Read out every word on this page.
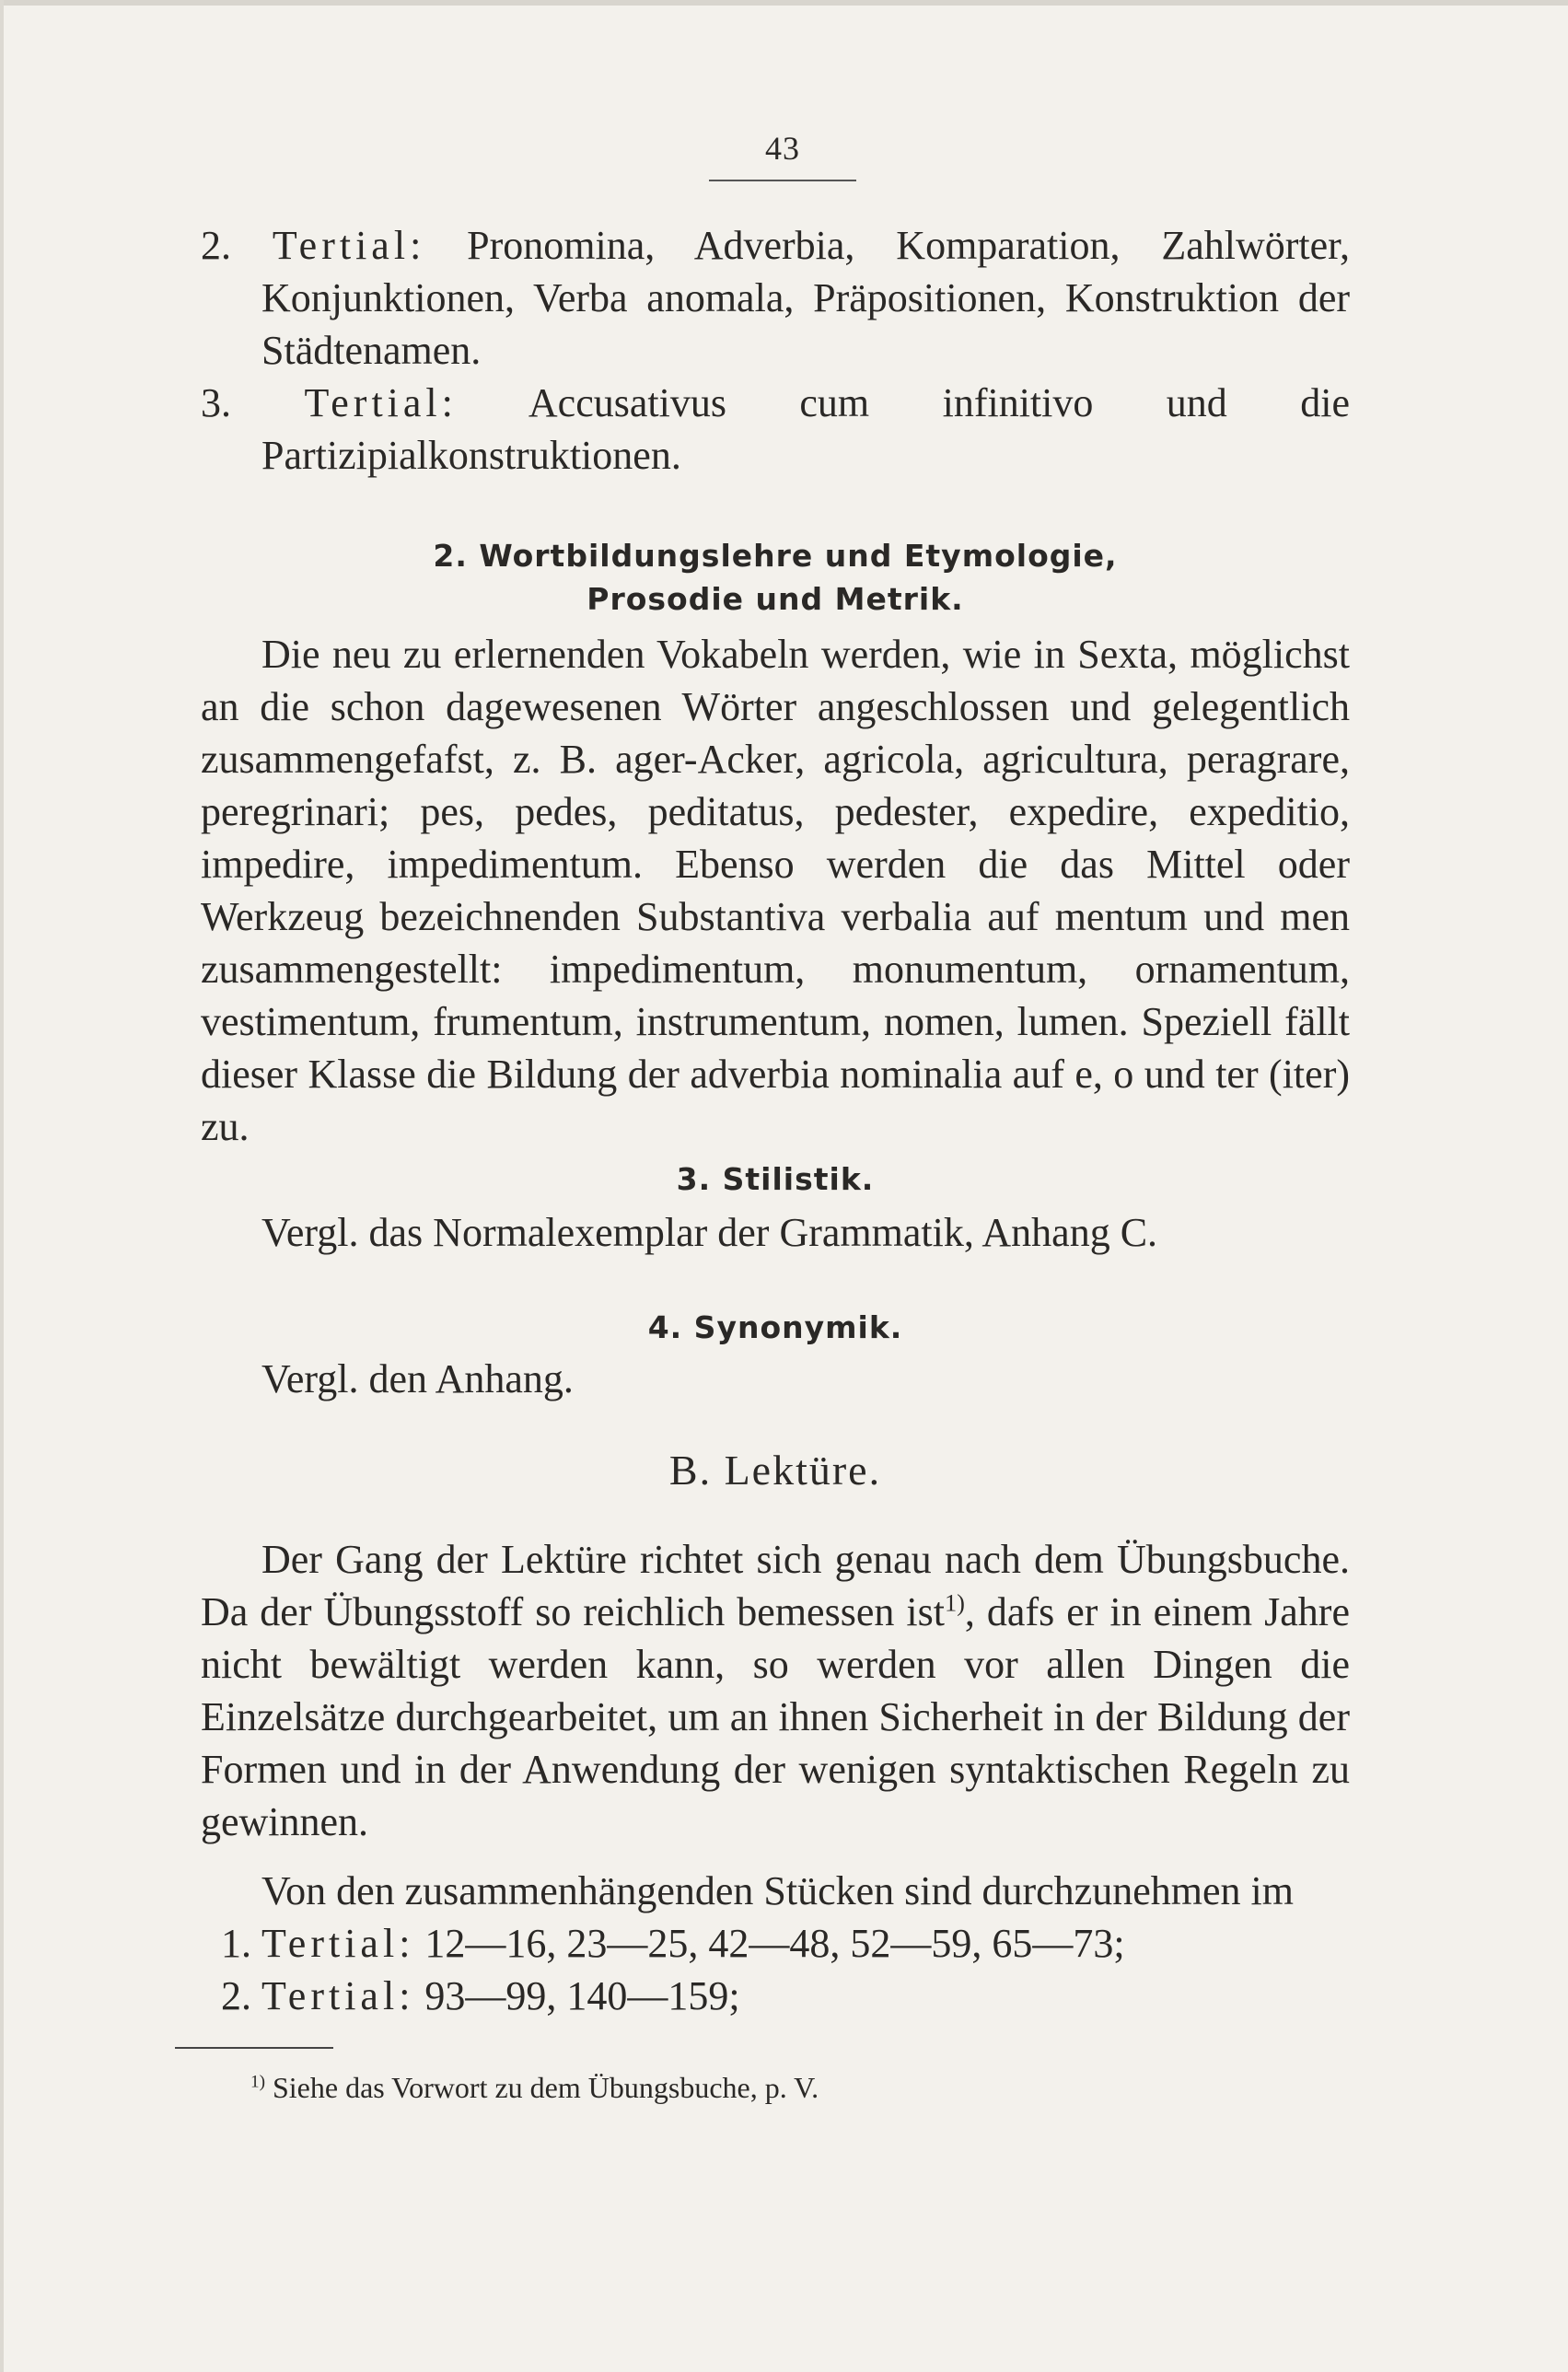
43

2. Tertial: Pronomina, Adverbia, Komparation, Zahlwörter, Konjunktionen, Verba anomala, Präpositionen, Konstruktion der Städtenamen.

3. Tertial: Accusativus cum infinitivo und die Partizipialkonstruktionen.

2. Wortbildungslehre und Etymologie,

Prosodie und Metrik.

Die neu zu erlernenden Vokabeln werden, wie in Sexta, möglichst an die schon dagewesenen Wörter angeschlossen und gelegentlich zusammengefafst, z. B. ager-Acker, agricola, agricultura, peragrare, peregrinari; pes, pedes, peditatus, pedester, expedire, expeditio, impedire, impedimentum. Ebenso werden die das Mittel oder Werkzeug bezeichnenden Substantiva verbalia auf mentum und men zusammengestellt: impedimentum, monumentum, ornamentum, vestimentum, frumentum, instrumentum, nomen, lumen. Speziell fällt dieser Klasse die Bildung der adverbia nominalia auf e, o und ter (iter) zu.

3. Stilistik.

Vergl. das Normalexemplar der Grammatik, Anhang C.

4. Synonymik.

Vergl. den Anhang.

B. Lektüre.

Der Gang der Lektüre richtet sich genau nach dem Übungsbuche. Da der Übungsstoff so reichlich bemessen ist$^{1)}$, dafs er in einem Jahre nicht bewältigt werden kann, so werden vor allen Dingen die Einzelsätze durchgearbeitet, um an ihnen Sicherheit in der Bildung der Formen und in der Anwendung der wenigen syntaktischen Regeln zu gewinnen.

Von den zusammenhängenden Stücken sind durchzunehmen im

1. Tertial: 12—16, 23—25, 42—48, 52—59, 65—73;

2. Tertial: 93—99, 140—159;

$^{1)}$ Siehe das Vorwort zu dem Übungsbuche, p. V.
